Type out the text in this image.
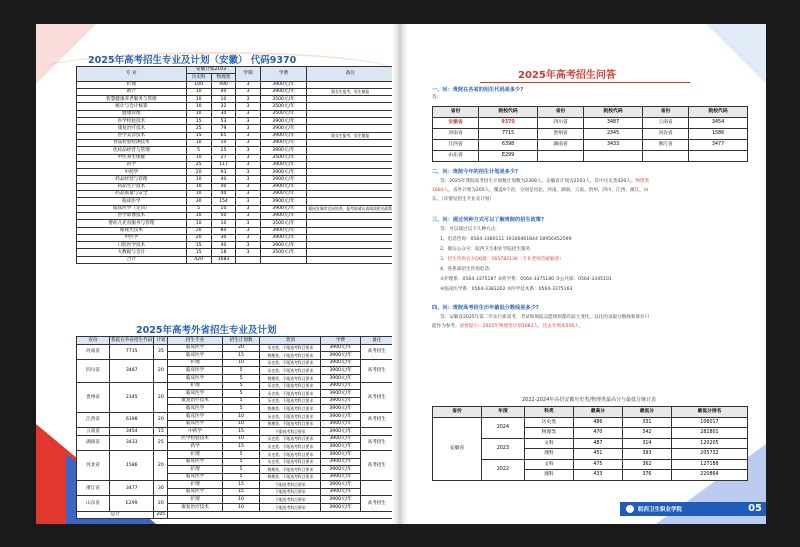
2025年高考招生专业及计划（安徽） 代码9370
专 业	安徽计划2103		学制	学费	备注
	历史科	物理类			
护理	100	490	3	3900元/年	
助产	10	40	3	3900元/年	限女生报考，男生慎报
智慧健康养老服务与管理	10	10	3	3500元/年	
统计与会计核算	10	32	3	3500元/年	
健康管理	10	30	3	3500元/年	
医学检验技术	15	53	3	3900元/年	
康复治疗技术	25	79	3	3900元/年	
医学美容技术	15	65	3	3900元/年	限女生报考，男生慎报
食品检验检测技术	10	10	3	3900元/年	
化妆品经营与管理	5	25	3	3900元/年	
中医养生保健	10	27	3	3500元/年	
药学	25	117	3	3900元/年	
中药学	20	93	3	3900元/年	
药品经营与管理	10	40	3	3900元/年	
药品生产技术	10	40	3	3900元/年	
药品质量与安全	10	40	3	3900元/年	
临床医学	30	154	3	3900元/年	
临床医学（定向）	5	10	3	3900元/年	面向宣城市定向培养，报考前请认真阅读相关政策
医学影像技术	10	50	3	3900元/年	
婴幼儿托育服务与管理	10	10	3	3500元/年	
眼视光技术	20	80	3	3900元/年	
中医学	20	30	3	3900元/年	
口腔医学技术	15	40	3	3900元/年	
大数据与会计	15	18	3	3500元/年	
合计	420	1683			
2025年高考外省招生专业及计划
省份	我院在外省招生代码	计划	招生专业	招生计划数	类别	学费	备注
河南省	7715	35	临床医学	20	历史类、不限选考科目要求	3900元/年	高考招生
			临床医学	15	物理类、不限选考科目要求	3900元/年	
四川省	3487	20	护理	10	历史类、不限选考科目要求	3900元/年	高考招生
			临床医学	5	历史类、不限选考科目要求	3900元/年	
			临床医学	5	物理类、不限选考科目要求	3900元/年	
贵州省	2345	20	护理	5	历史类、不限选考科目要求	3900元/年	高考招生
			临床医学	5	历史类、不限选考科目要求	3900元/年	
			康复治疗技术	5	历史类、不限选考科目要求	3900元/年	
			临床医学	5	物理类、不限选考科目要求	3900元/年	
江西省	6398	20	临床医学	10	历史类、不限选考科目要求	3900元/年	高考招生
			临床医学	10	物理类、不限选考科目要求	3900元/年	
云南省	3454	15	中药学	15	不限选考科目要求	3900元/年	
湖南省	3433	25	医学检验技术	10	历史类、不限选考科目要求	3900元/年	高考招生
			药学	15	历史类、不限选考科目要求	3900元/年	
河北省	1586	20	护理	5	历史类、不限选考科目要求	3900元/年	高考招生
			临床医学	5	历史类、不限选考科目要求	3900元/年	
			护理	5	物理类、不限选考科目要求	3900元/年	
			临床医学	5	物理类、不限选考科目要求	3900元/年	
浙江省	3477	30	护理	15	不限选考科目要求	3900元/年	
			临床医学	15	不限选考科目要求	3900元/年	
山东省	E299	20	护理	10	不限选考科目要求	3900元/年	高考招生
			康复治疗技术	10	不限选考科目要求	3900元/年	
总计		205					
2025年高考招生问答
一、问：贵院在各省的招生代码是多少?
答：
省份	院校代码	省份	院校代码	省份	院校代码
安徽省	9370	四川省	3487	云南省	3454
河南省	7715	贵州省	2345	河北省	1586
江西省	6398	湖南省	3433	浙江省	3477
山东省	E299				
二、问：贵院今年的招生计划是多少?
答：2025年我院高考招生计划数计划数为2308人，安徽省计划为2103人，其中历史类420人；物理类
1683人，省外计划为205人，覆盖9个省，分别是河北、河南、湖南、云南、贵州、四川、江西、浙江、山
东。（详情见招生专业及计划）
三、问：通过何种方式可以了解贵院的招生政策?
答：可以通过以下几种方式:
1、电话咨询：0564-3380111 19166461844 18956452599
2、微信公众号：皖西卫生职业学院招生服务
3、招生咨询官方QQ群：165782136（专业老师答疑解惑）
4、各系部招生咨询电话:
①护理系：0564-3375187 ②药学系：0564-3375180 ③公共部：0564-3345101
④临床医学系：0564-3383202 ⑤医学技术系：0564-3375163
四、问：贵院高考招生历年最低分数线是多少?
答：安徽省2025年第二年实行新高考，考试和填报志愿规则都有较大变化，以往的录取分数线和排名只
能作为参考。重要提示：2025年物理类计划1683人，比去年增加556人。
2022-2024年高招安徽历史类/物理类最高分与最低分统计表
省份	年度	科类	最高分	最低分	最低分排名
安徽省	2024	历史类	486	331	106017
		物理类	470	342	282801
	2023	文科	487	314	120205
		理科	451	393	205732
	2022	文科	475	362	127188
		理科	433	376	220864
皖西卫生职业学院	05
